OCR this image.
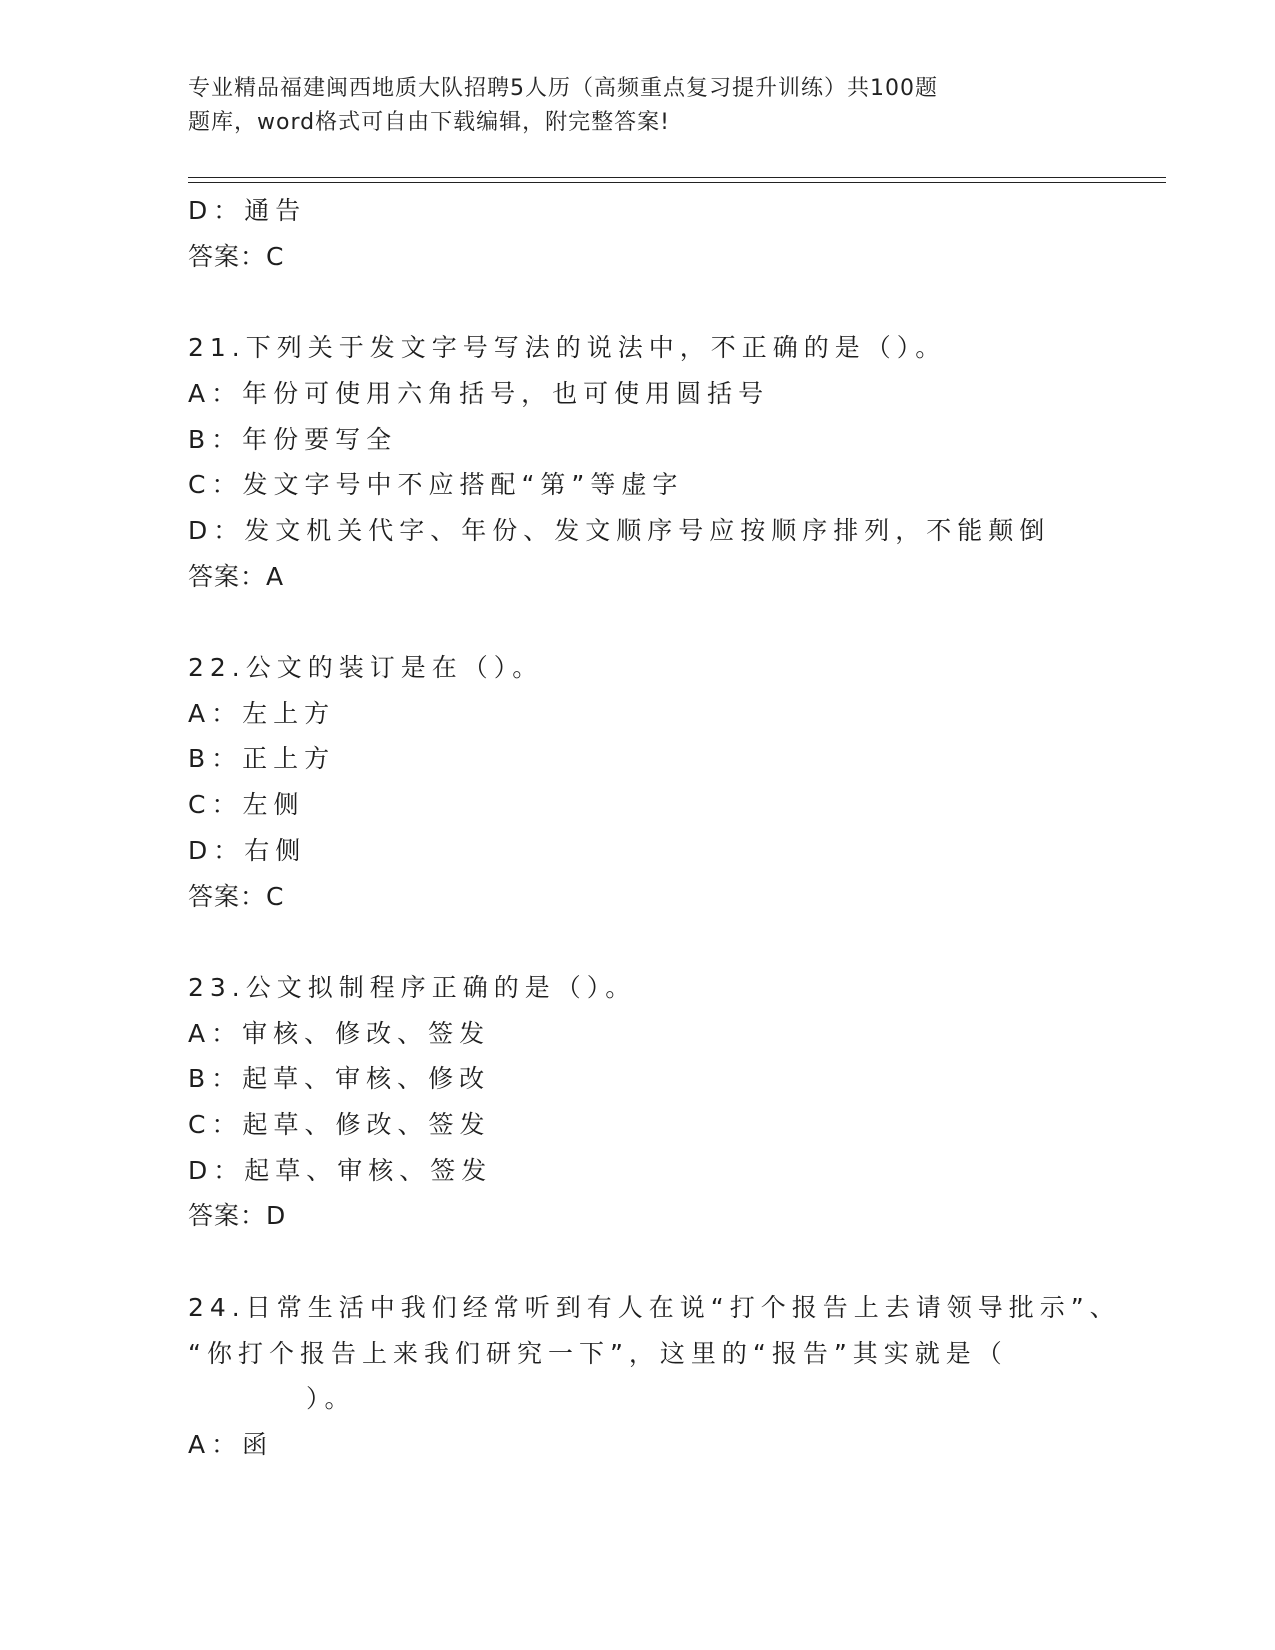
专业精品福建闽西地质大队招聘5人历（高频重点复习提升训练）共100题
题库，word格式可自由下载编辑，附完整答案!
D：通告
答案：C
21.下列关于发文字号写法的说法中，不正确的是（）。
A：年份可使用六角括号，也可使用圆括号
B：年份要写全
C：发文字号中不应搭配“第”等虚字
D：发文机关代字、年份、发文顺序号应按顺序排列，不能颠倒
答案：A
22.公文的装订是在（）。
A：左上方
B：正上方
C：左侧
D：右侧
答案：C
23.公文拟制程序正确的是（）。
A：审核、修改、签发
B：起草、审核、修改
C：起草、修改、签发
D：起草、审核、签发
答案：D
24.日常生活中我们经常听到有人在说“打个报告上去请领导批示”、
“你打个报告上来我们研究一下”，这里的“报告”其实就是（
）。
A：函
